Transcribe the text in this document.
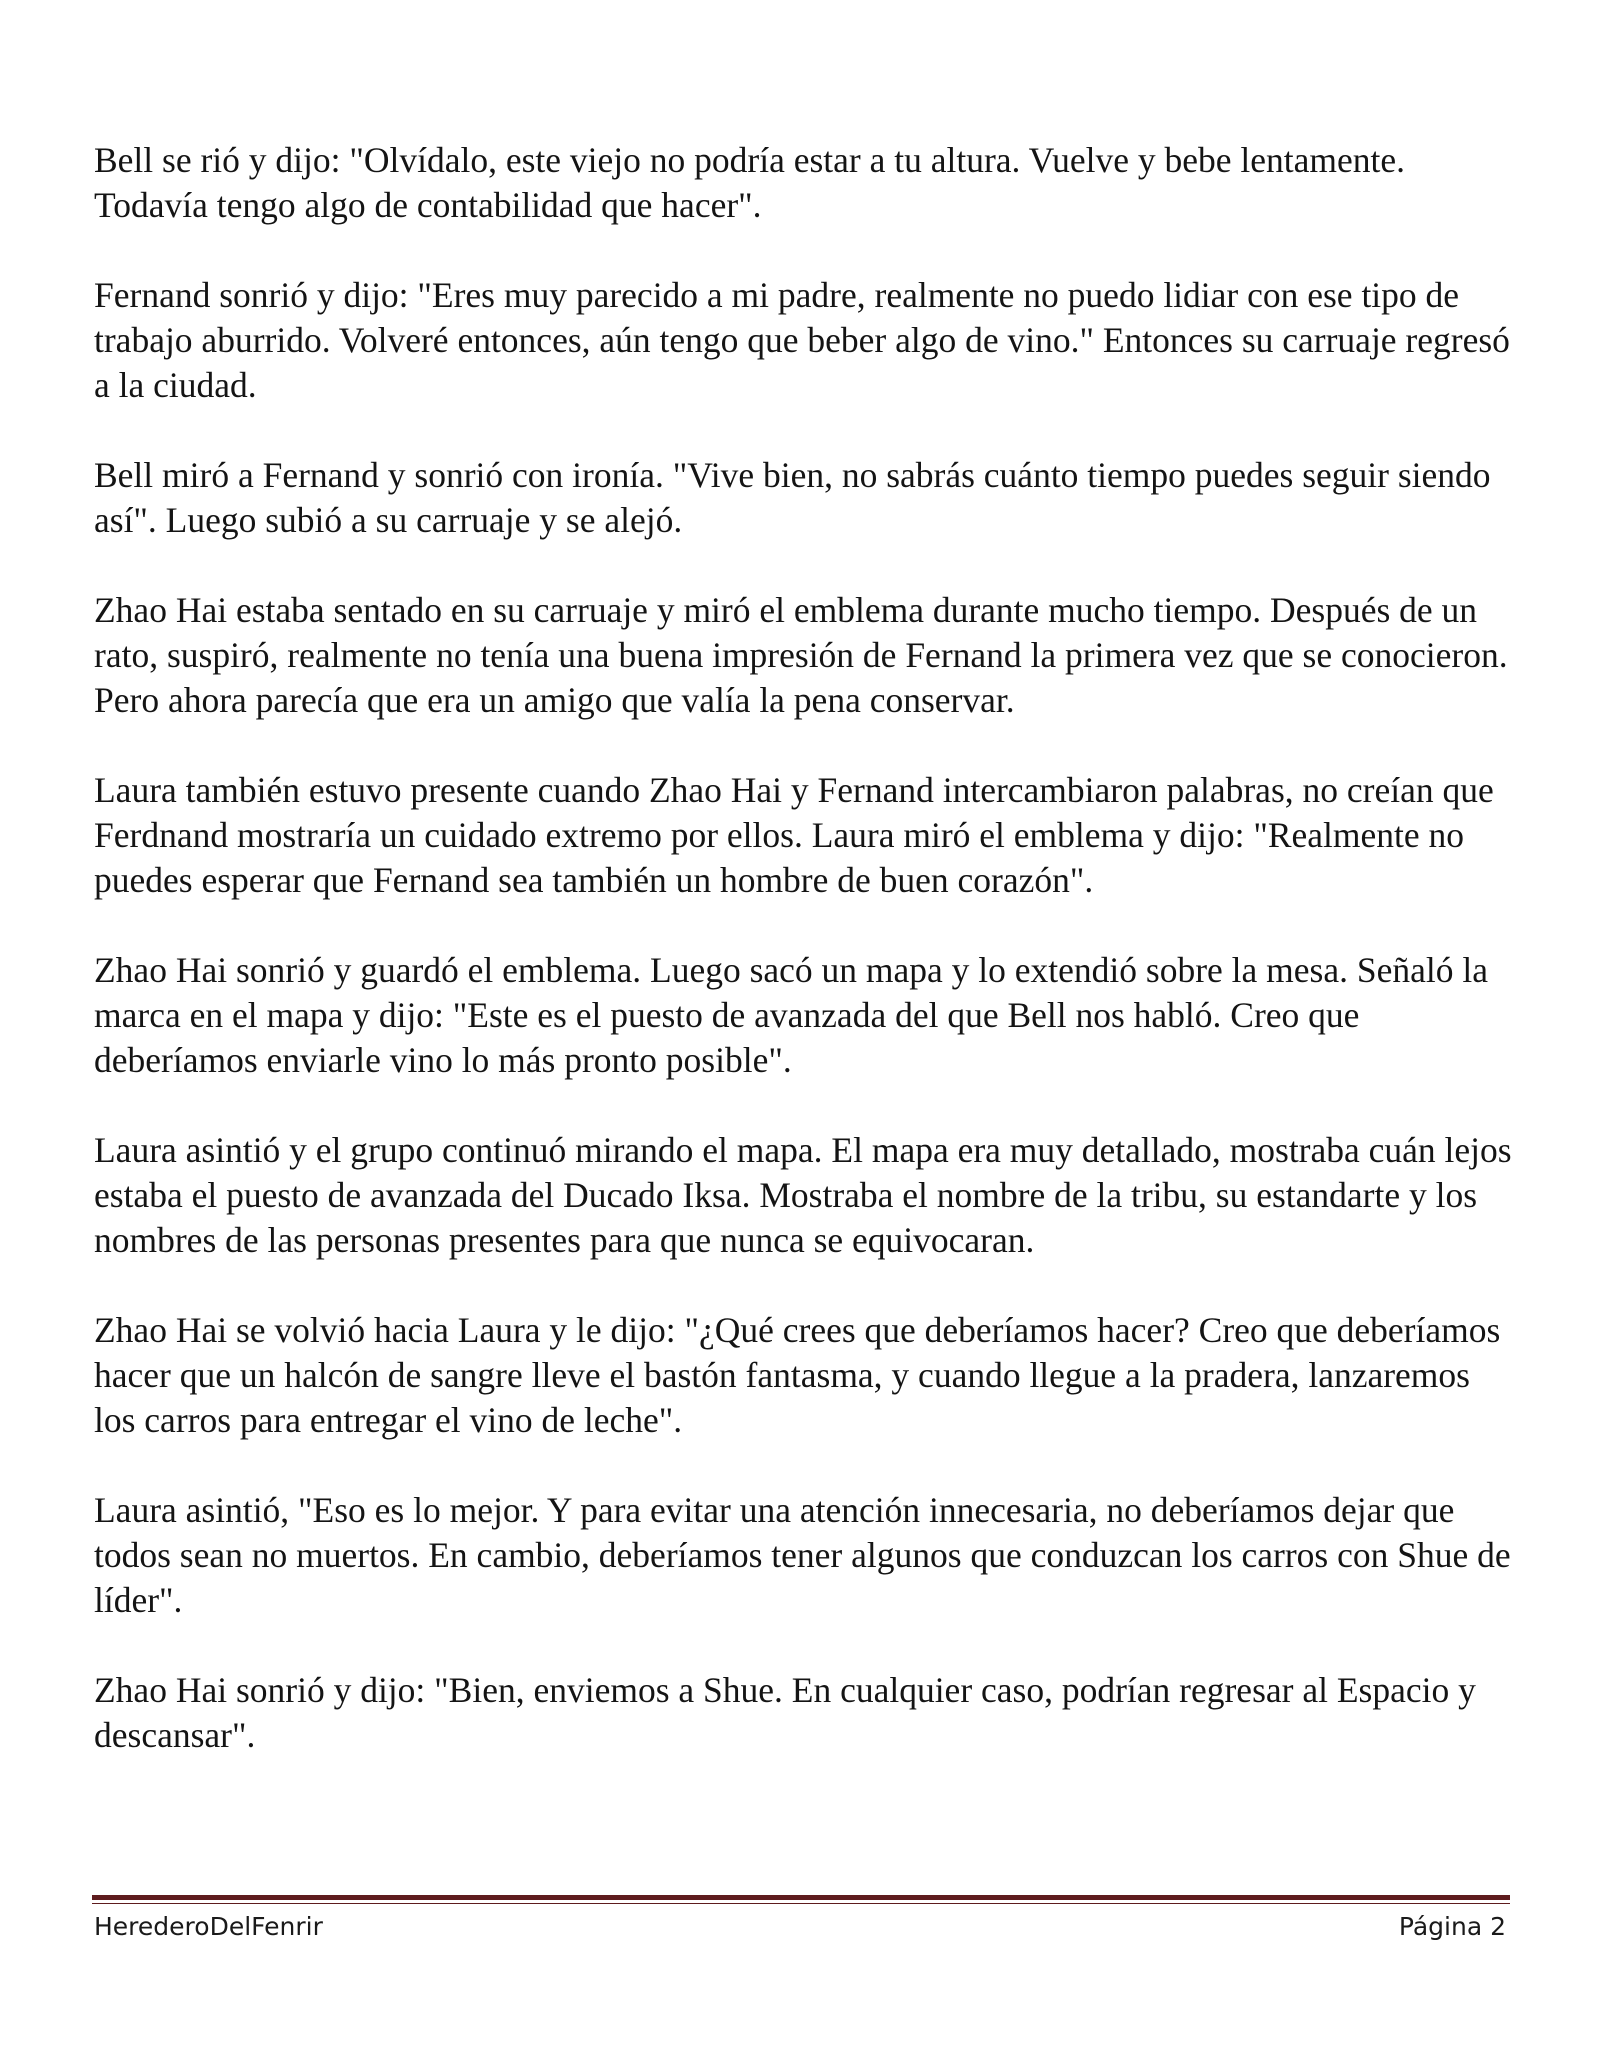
Bell se rió y dijo: "Olvídalo, este viejo no podría estar a tu altura. Vuelve y bebe lentamente. Todavía tengo algo de contabilidad que hacer".

Fernand sonrió y dijo: "Eres muy parecido a mi padre, realmente no puedo lidiar con ese tipo de trabajo aburrido. Volveré entonces, aún tengo que beber algo de vino." Entonces su carruaje regresó a la ciudad.

Bell miró a Fernand y sonrió con ironía. "Vive bien, no sabrás cuánto tiempo puedes seguir siendo así". Luego subió a su carruaje y se alejó.

Zhao Hai estaba sentado en su carruaje y miró el emblema durante mucho tiempo. Después de un rato, suspiró, realmente no tenía una buena impresión de Fernand la primera vez que se conocieron. Pero ahora parecía que era un amigo que valía la pena conservar.

Laura también estuvo presente cuando Zhao Hai y Fernand intercambiaron palabras, no creían que Ferdnand mostraría un cuidado extremo por ellos. Laura miró el emblema y dijo: "Realmente no puedes esperar que Fernand sea también un hombre de buen corazón".

Zhao Hai sonrió y guardó el emblema. Luego sacó un mapa y lo extendió sobre la mesa. Señaló la marca en el mapa y dijo: "Este es el puesto de avanzada del que Bell nos habló. Creo que deberíamos enviarle vino lo más pronto posible".

Laura asintió y el grupo continuó mirando el mapa. El mapa era muy detallado, mostraba cuán lejos estaba el puesto de avanzada del Ducado Iksa. Mostraba el nombre de la tribu, su estandarte y los nombres de las personas presentes para que nunca se equivocaran.

Zhao Hai se volvió hacia Laura y le dijo: "¿Qué crees que deberíamos hacer? Creo que deberíamos hacer que un halcón de sangre lleve el bastón fantasma, y cuando llegue a la pradera, lanzaremos los carros para entregar el vino de leche".

Laura asintió, "Eso es lo mejor. Y para evitar una atención innecesaria, no deberíamos dejar que todos sean no muertos. En cambio, deberíamos tener algunos que conduzcan los carros con Shue de líder".

Zhao Hai sonrió y dijo: "Bien, enviemos a Shue. En cualquier caso, podrían regresar al Espacio y descansar".

HerederoDelFenrir	Página 2
